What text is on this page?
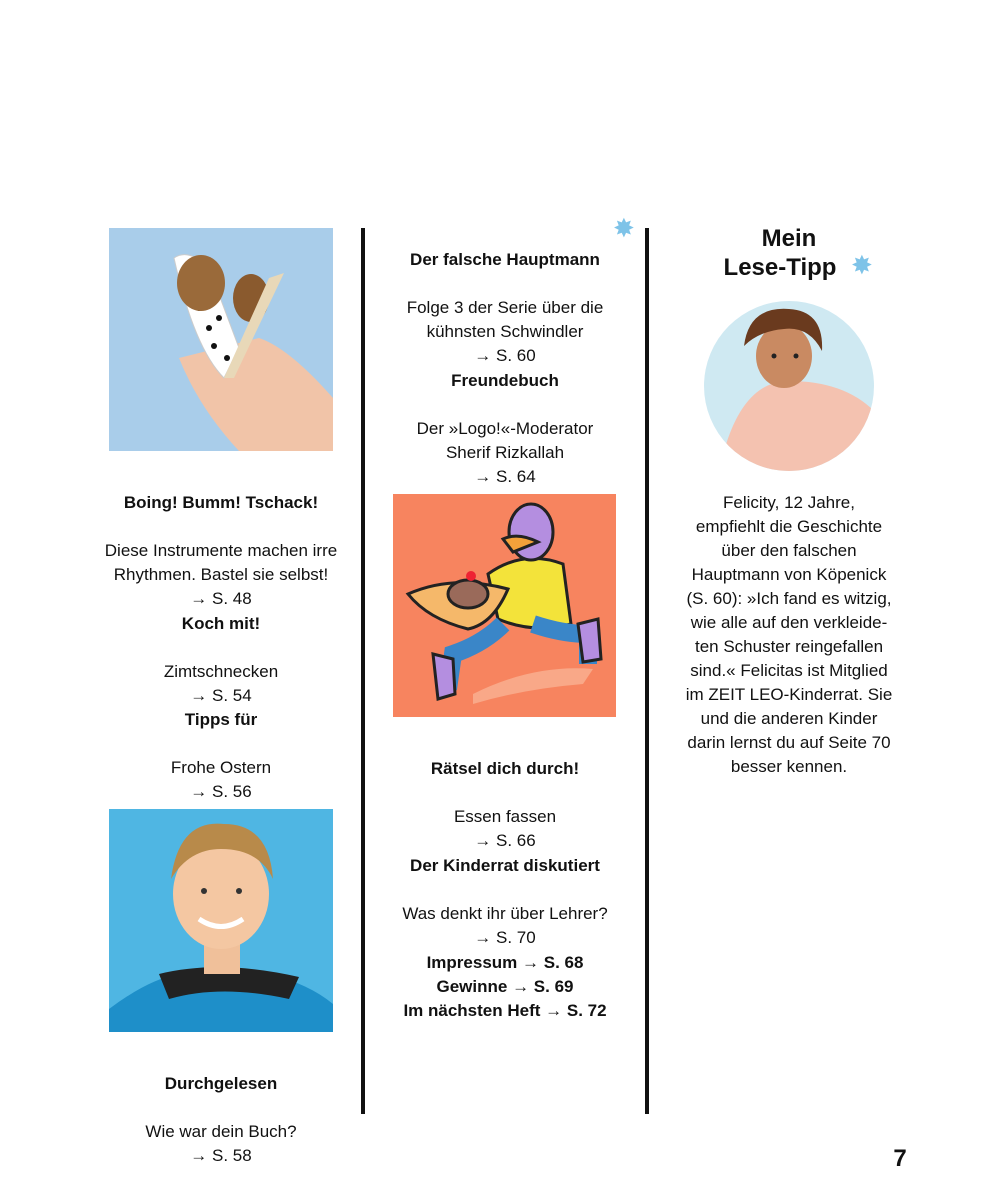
Boing! Bumm! Tschack!

Diese Instrumente machen irre
Rhythmen. Bastel sie selbst!
→ S. 48

Koch mit!

Zimtschnecken
→ S. 54

Tipps für

Frohe Ostern
→ S. 56

Durchgelesen

Wie war dein Buch?
→ S. 58

Der falsche Hauptmann

Folge 3 der Serie über die
kühnsten Schwindler
→ S. 60

✸

Freundebuch

Der »Logo!«-Moderator
Sherif Rizkallah
→ S. 64

Rätsel dich durch!

Essen fassen
→ S. 66

Der Kinderrat diskutiert

Was denkt ihr über Lehrer?
→ S. 70

Impressum → S. 68
Gewinne → S. 69
Im nächsten Heft → S. 72

Mein
Lese-Tipp ✸
Felicity, 12 Jahre,
empfiehlt die Geschichte
über den falschen
Hauptmann von Köpenick
(S. 60): »Ich fand es witzig,
wie alle auf den verkleide-
ten Schuster reingefallen
sind.« Felicitas ist Mitglied
im ZEIT LEO-Kinderrat. Sie
und die anderen Kinder
darin lernst du auf Seite 70
besser kennen.
7
